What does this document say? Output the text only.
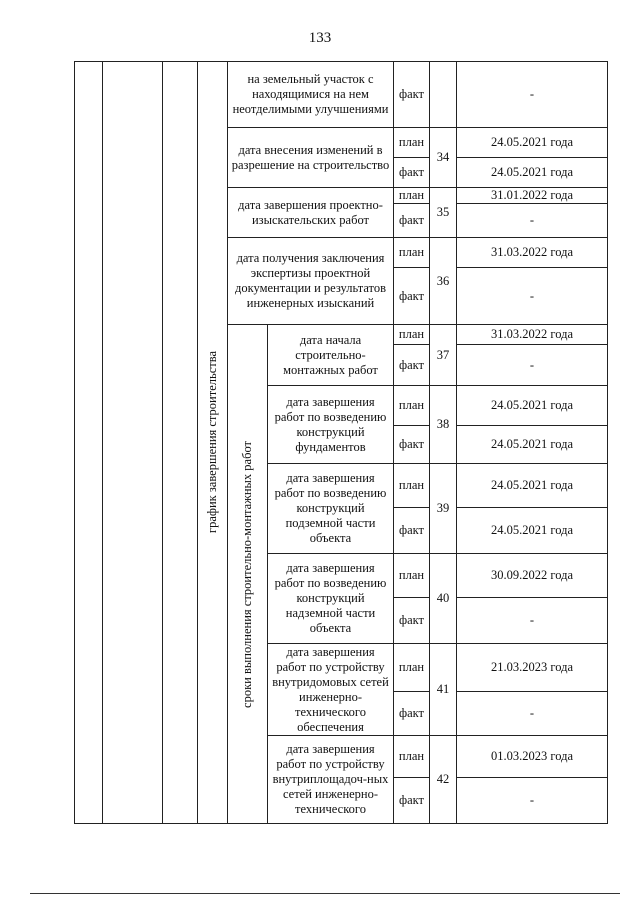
133

			график завершения строительства	на земельный участок с находящимися на нем неотделимыми улучшениями		факт		-
				дата внесения изменений в разрешение на строительство		план	34	24.05.2021 года
						факт		24.05.2021 года
				дата завершения проектно-изыскательских работ		план	35	31.01.2022 года
						факт		-
				дата получения заключения экспертизы проектной документации и результатов инженерных изысканий		план	36	31.03.2022 года
						факт		-

				сроки выполнения строительно-монтажных работ	дата начала строительно-монтажных работ	план	37	31.03.2022 года
						факт		-
					дата завершения работ по возведению конструкций фундаментов	план	38	24.05.2021 года
						факт		24.05.2021 года
					дата завершения работ по возведению конструкций подземной части объекта	план	39	24.05.2021 года
						факт		24.05.2021 года
					дата завершения работ по возведению конструкций надземной части объекта	план	40	30.09.2022 года
						факт		-
					дата завершения работ по устройству внутридомовых сетей инженерно-технического обеспечения	план	41	21.03.2023 года
						факт		-
					дата завершения работ по устройству внутриплощадоч-ных сетей инженерно-технического	план	42	01.03.2023 года
						факт		-
